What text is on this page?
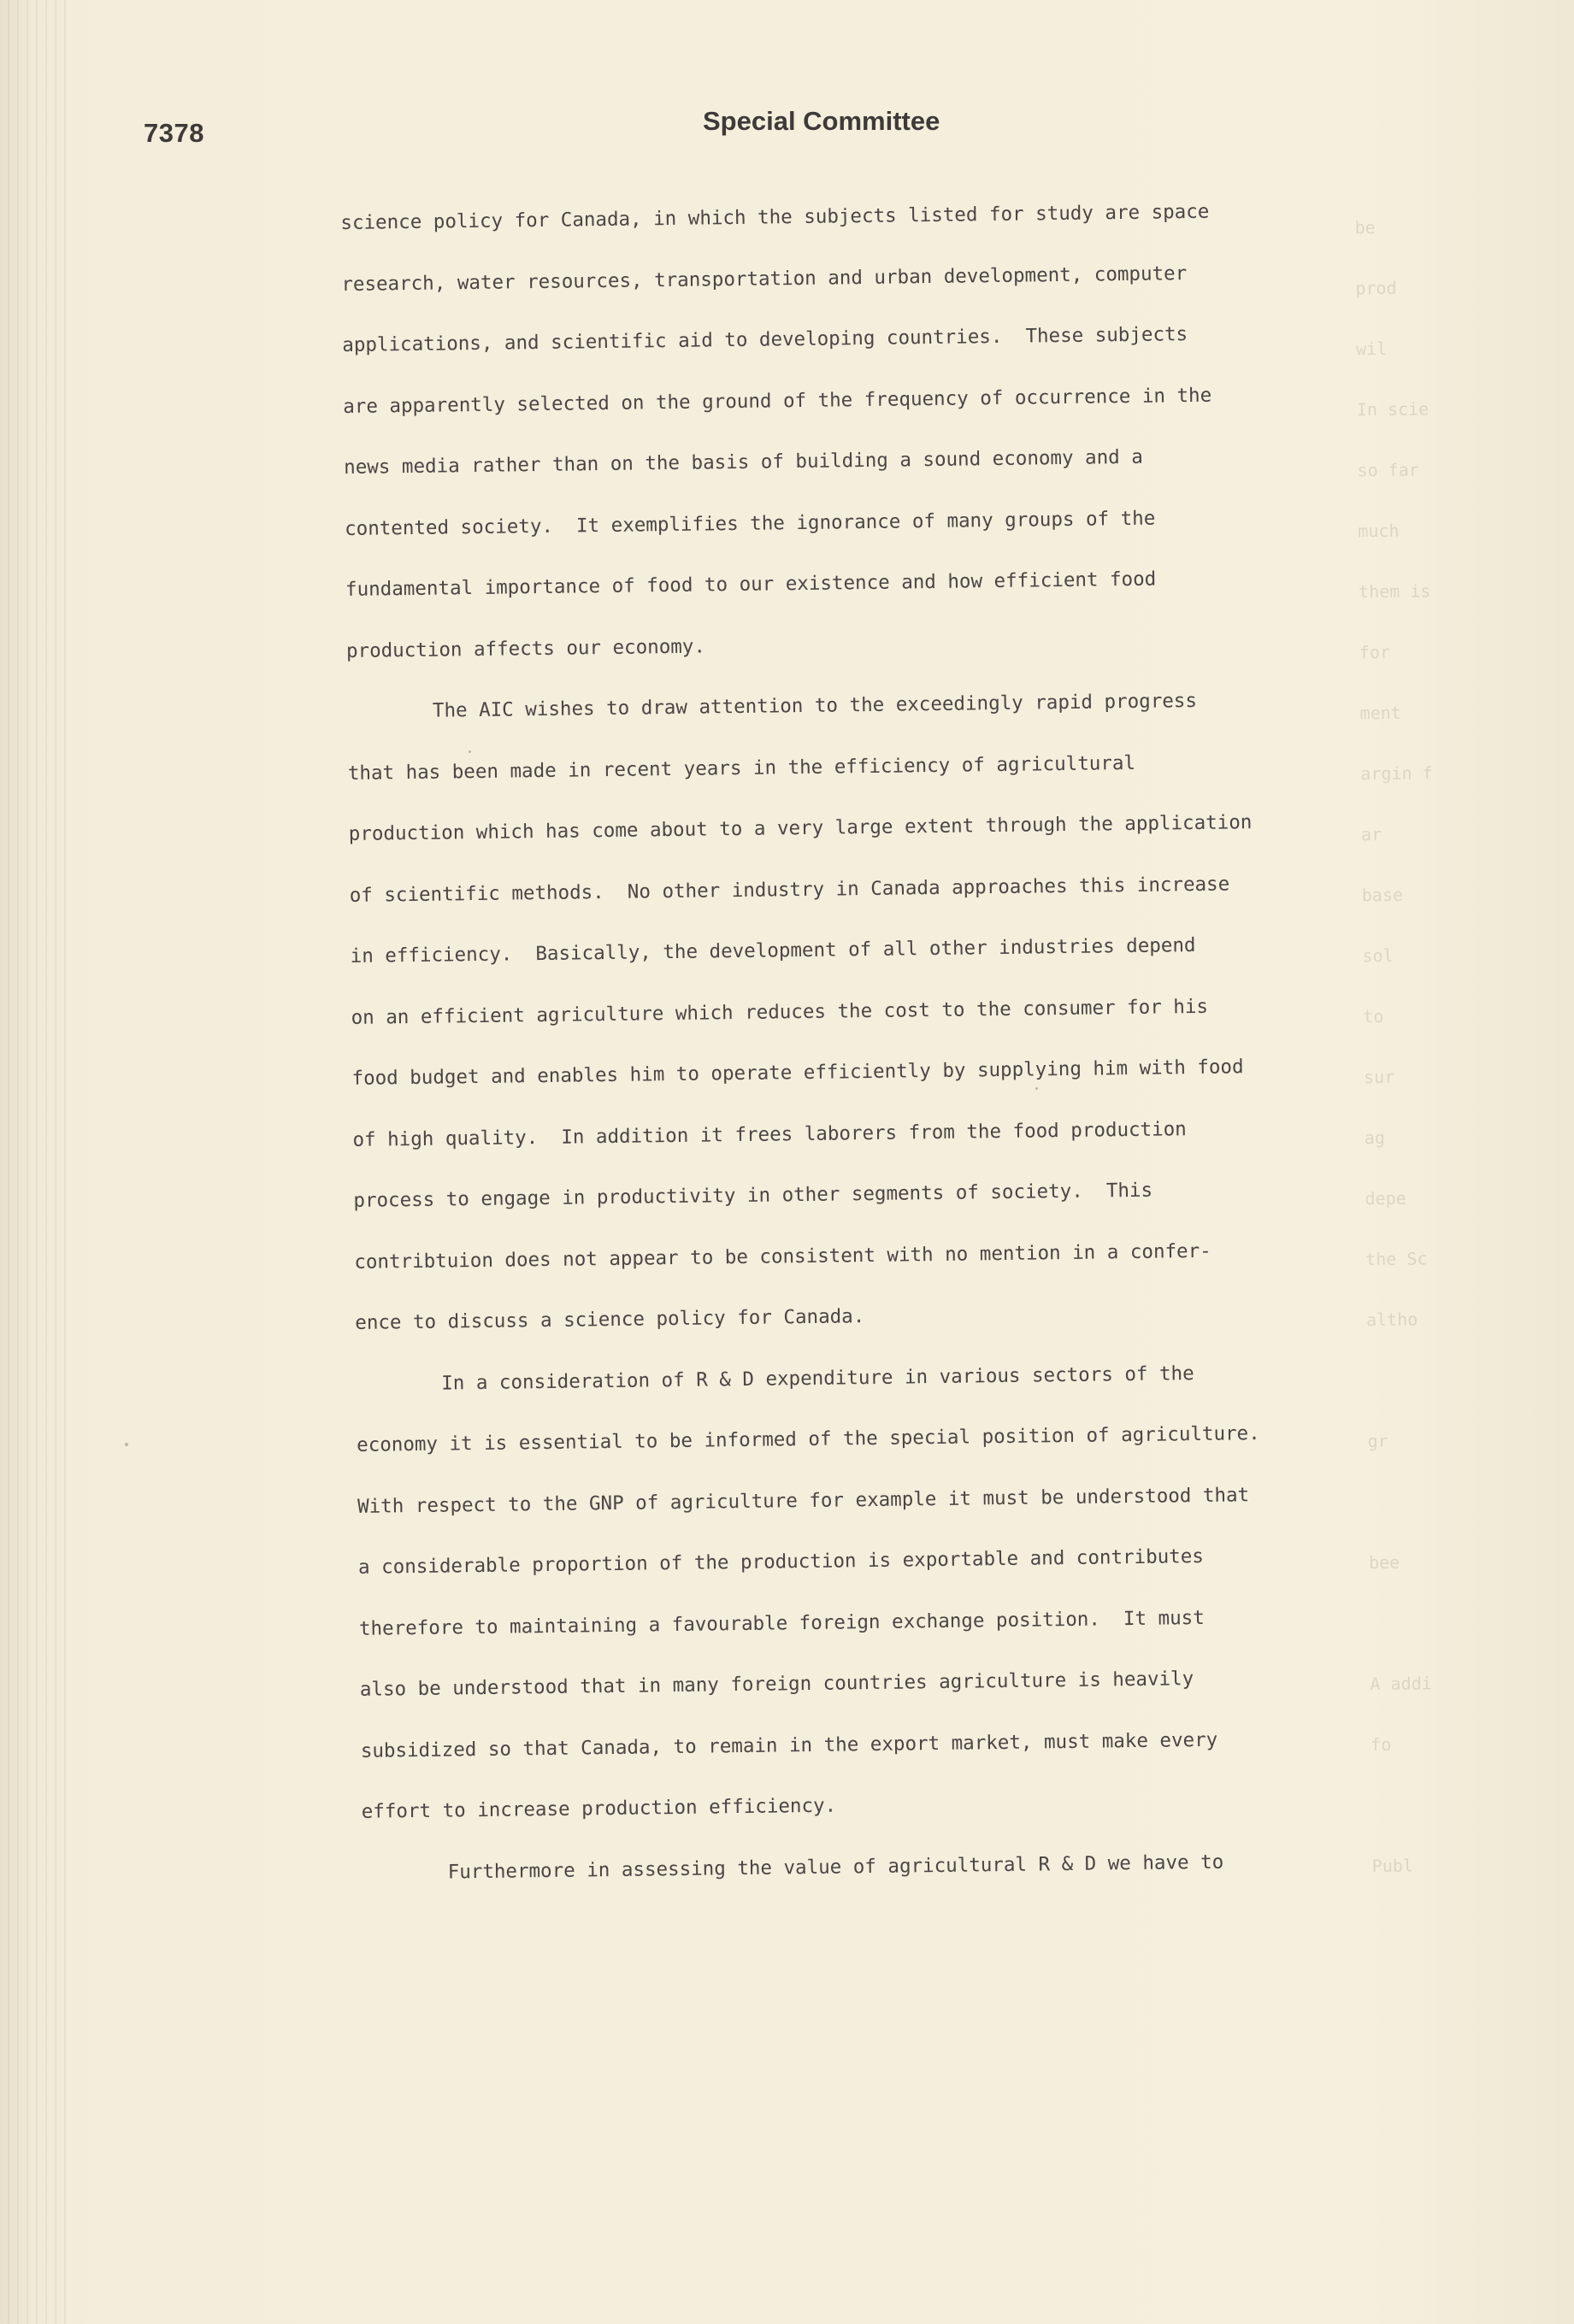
7378	Special Committee
be
prod
wil
In scie
so far
much
them is
for
ment
argin f
ar
base
sol
to
sur
ag
depe
the Sc
altho

gr

bee

A addi
fo

Publ
science policy for Canada, in which the subjects listed for study are space
research, water resources, transportation and urban development, computer
applications, and scientific aid to developing countries.  These subjects
are apparently selected on the ground of the frequency of occurrence in the
news media rather than on the basis of building a sound economy and a
contented society.  It exemplifies the ignorance of many groups of the
fundamental importance of food to our existence and how efficient food
production affects our economy.
The AIC wishes to draw attention to the exceedingly rapid progress
that has been made in recent years in the efficiency of agricultural
production which has come about to a very large extent through the application
of scientific methods.  No other industry in Canada approaches this increase
in efficiency.  Basically, the development of all other industries depend
on an efficient agriculture which reduces the cost to the consumer for his
food budget and enables him to operate efficiently by supplying him with food
of high quality.  In addition it frees laborers from the food production
process to engage in productivity in other segments of society.  This
contribtuion does not appear to be consistent with no mention in a confer-
ence to discuss a science policy for Canada.
In a consideration of R & D expenditure in various sectors of the
economy it is essential to be informed of the special position of agriculture.
With respect to the GNP of agriculture for example it must be understood that
a considerable proportion of the production is exportable and contributes
therefore to maintaining a favourable foreign exchange position.  It must
also be understood that in many foreign countries agriculture is heavily
subsidized so that Canada, to remain in the export market, must make every
effort to increase production efficiency.
Furthermore in assessing the value of agricultural R & D we have to
